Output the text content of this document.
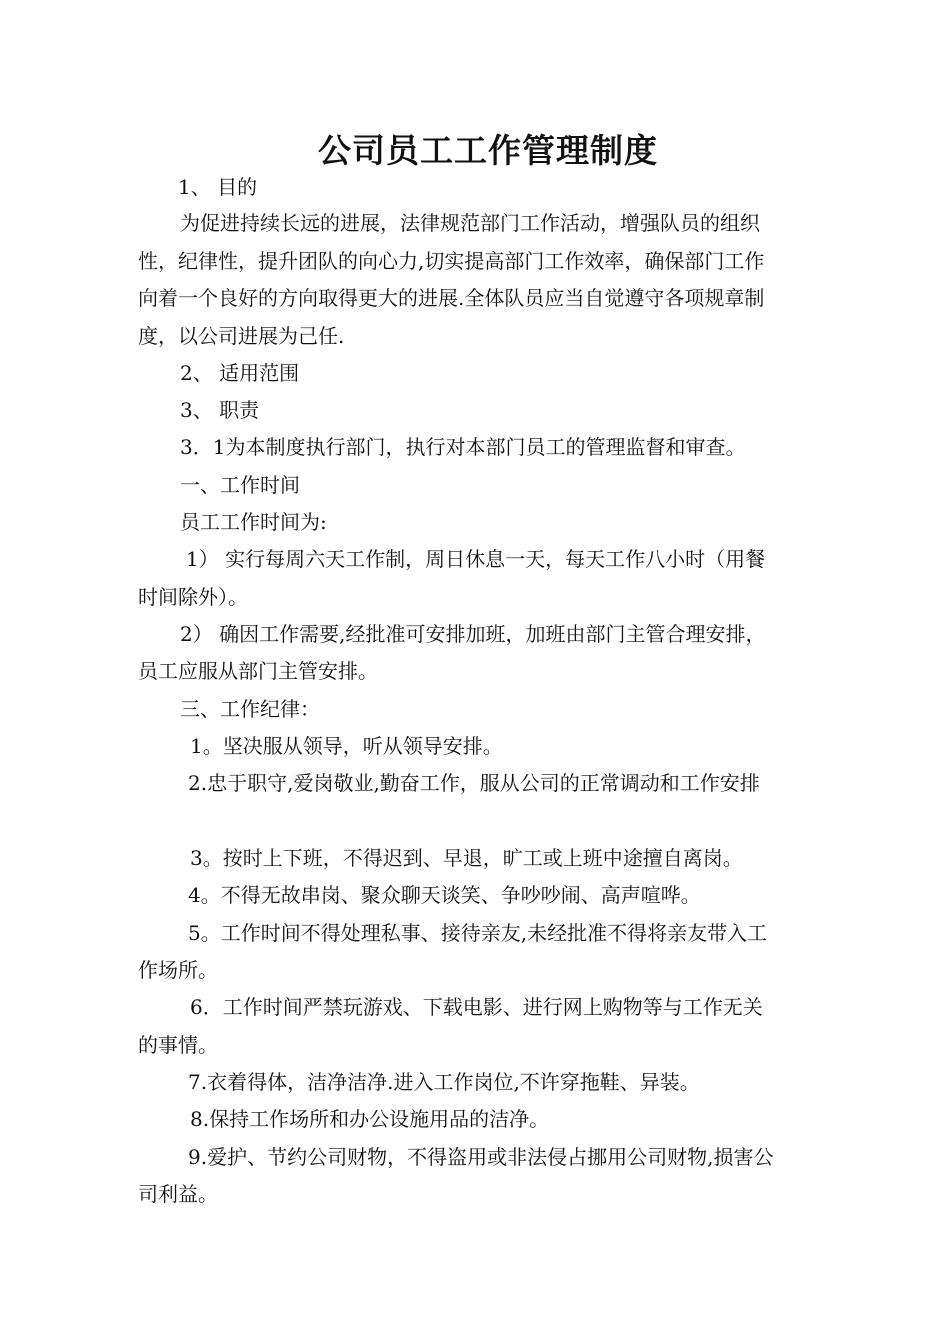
公司员工工作管理制度
1、 目的
为促进持续长远的进展，法律规范部门工作活动，增强队员的组织
性，纪律性，提升团队的向心力,切实提高部门工作效率，确保部门工作
向着一个良好的方向取得更大的进展.全体队员应当自觉遵守各项规章制
度，以公司进展为己任.
2、 适用范围
3、 职责
3．1为本制度执行部门，执行对本部门员工的管理监督和审查。
一、工作时间
员工工作时间为:
1） 实行每周六天工作制，周日休息一天，每天工作八小时（用餐
时间除外）。
2） 确因工作需要,经批准可安排加班，加班由部门主管合理安排，
员工应服从部门主管安排。
三、工作纪律：
1。坚决服从领导，听从领导安排。
2.忠于职守,爱岗敬业,勤奋工作，服从公司的正常调动和工作安排
3。按时上下班，不得迟到、早退，旷工或上班中途擅自离岗。
4。不得无故串岗、聚众聊天谈笑、争吵吵闹、高声喧哗。
5。工作时间不得处理私事、接待亲友,未经批准不得将亲友带入工
作场所。
6．工作时间严禁玩游戏、下载电影、进行网上购物等与工作无关
的事情。
7.衣着得体，洁净洁净.进入工作岗位,不许穿拖鞋、异装。
8.保持工作场所和办公设施用品的洁净。
9.爱护、节约公司财物，不得盗用或非法侵占挪用公司财物,损害公
司利益。
